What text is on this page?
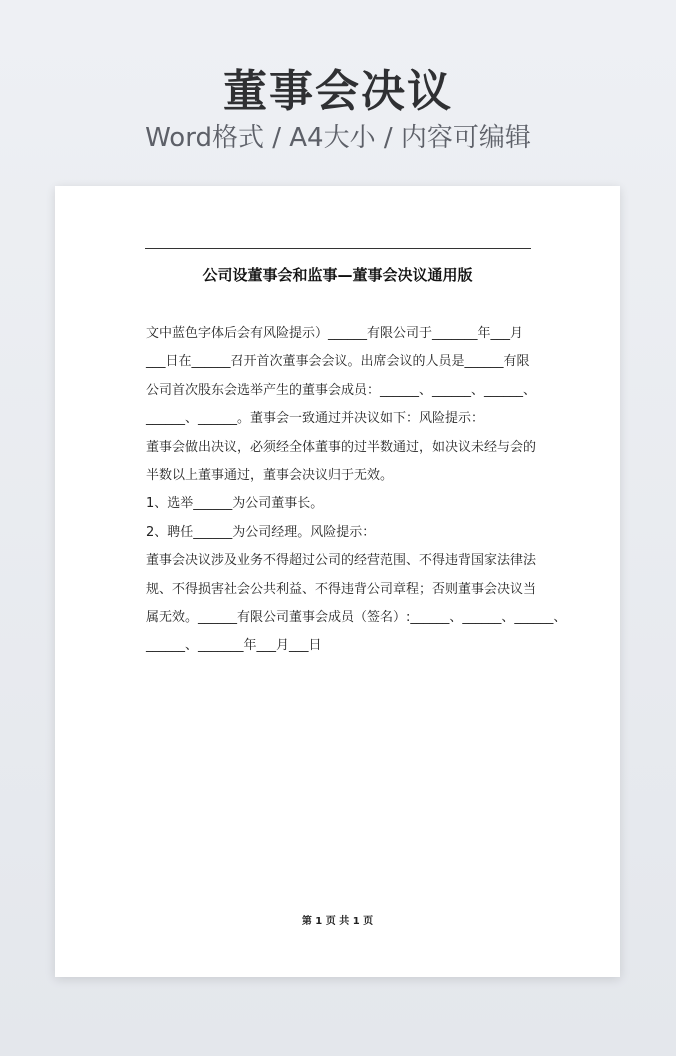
董事会决议
Word格式 / A4大小 / 内容可编辑
公司设董事会和监事—董事会决议通用版

文中蓝色字体后会有风险提示）______有限公司于_______年___月

___日在______召开首次董事会会议。出席会议的人员是______有限

公司首次股东会选举产生的董事会成员：______、______、______、

______、______。董事会一致通过并决议如下：风险提示：

董事会做出决议，必须经全体董事的过半数通过，如决议未经与会的

半数以上董事通过，董事会决议归于无效。

1、选举______为公司董事长。

2、聘任______为公司经理。风险提示：

董事会决议涉及业务不得超过公司的经营范围、不得违背国家法律法

规、不得损害社会公共利益、不得违背公司章程；否则董事会决议当

属无效。______有限公司董事会成员（签名）:______、______、______、

______、_______年___月___日

第 1 页 共 1 页
